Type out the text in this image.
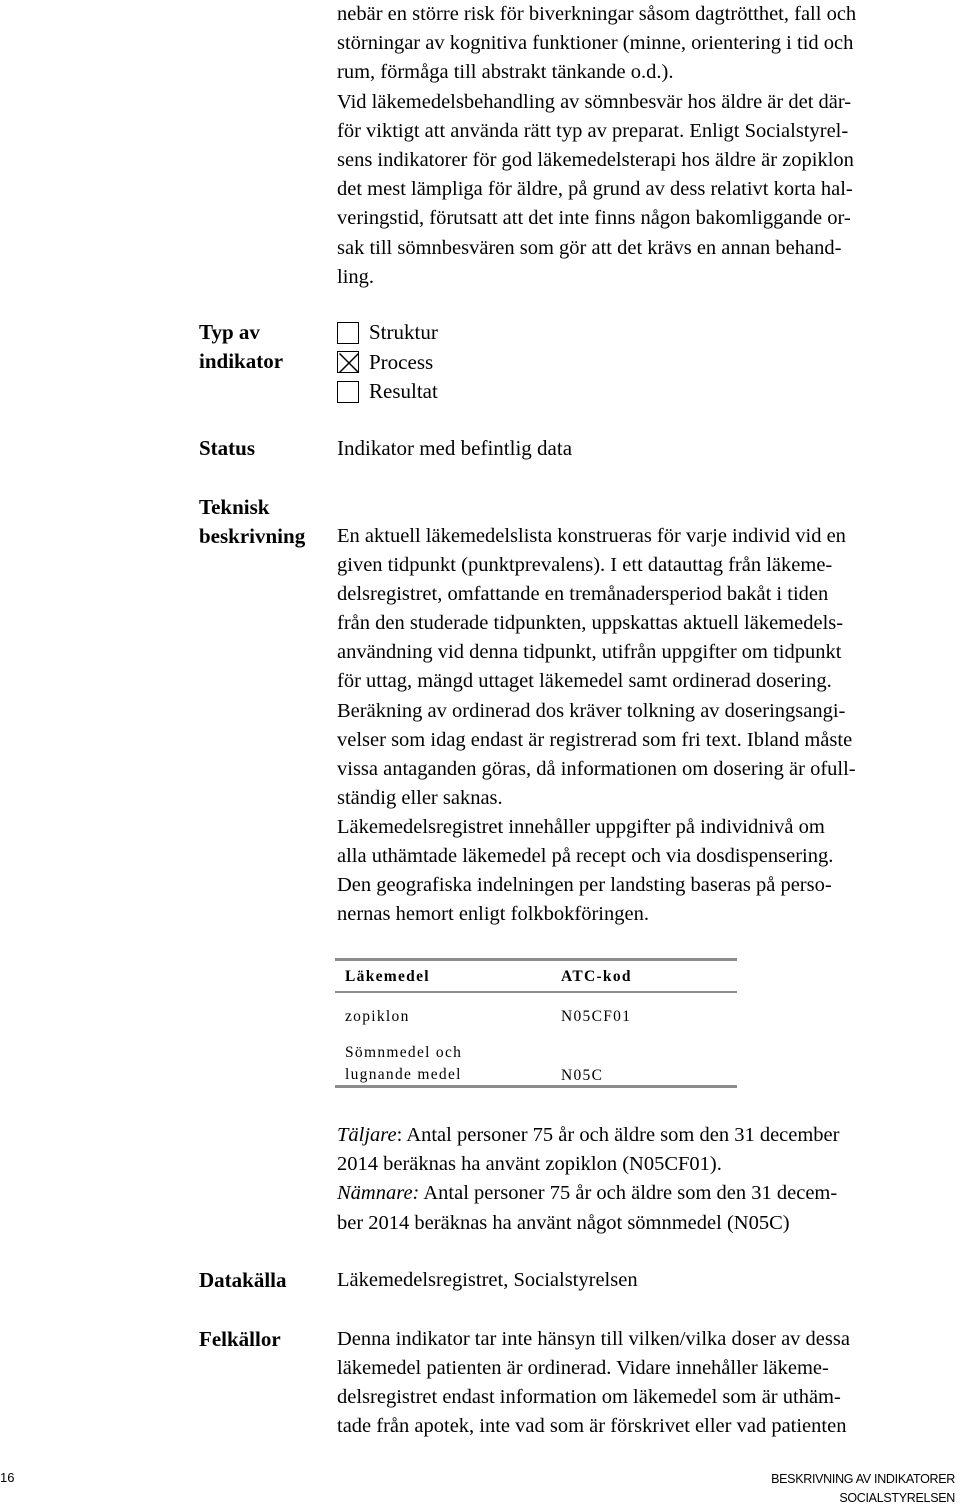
nebär en större risk för biverkningar såsom dagtrötthet, fall och
störningar av kognitiva funktioner (minne, orientering i tid och
rum, förmåga till abstrakt tänkande o.d.).
Vid läkemedelsbehandling av sömnbesvär hos äldre är det där-
för viktigt att använda rätt typ av preparat. Enligt Socialstyrel-
sens indikatorer för god läkemedelsterapi hos äldre är zopiklon
det mest lämpliga för äldre, på grund av dess relativt korta hal-
veringstid, förutsatt att det inte finns någon bakomliggande or-
sak till sömnbesvären som gör att det krävs en annan behand-
ling.
Typ av
indikator
Struktur
Process
Resultat
Status	Indikator med befintlig data
Teknisk
beskrivning En aktuell läkemedelslista konstrueras för varje individ vid en
given tidpunkt (punktprevalens). I ett datauttag från läkeme-
delsregistret, omfattande en tremånadersperiod bakåt i tiden
från den studerade tidpunkten, uppskattas aktuell läkemedels-
användning vid denna tidpunkt, utifrån uppgifter om tidpunkt
för uttag, mängd uttaget läkemedel samt ordinerad dosering.
Beräkning av ordinerad dos kräver tolkning av doseringsangi-
velser som idag endast är registrerad som fri text. Ibland måste
vissa antaganden göras, då informationen om dosering är ofull-
ständig eller saknas.
Läkemedelsregistret innehåller uppgifter på individnivå om
alla uthämtade läkemedel på recept och via dosdispensering.
Den geografiska indelningen per landsting baseras på perso-
nernas hemort enligt folkbokföringen.
Läkemedel	ATC-kod
zopiklon	N05CF01
Sömnmedel och
lugnande medel	N05C
Täljare: Antal personer 75 år och äldre som den 31 december
2014 beräknas ha använt zopiklon (N05CF01).
Nämnare: Antal personer 75 år och äldre som den 31 decem-
ber 2014 beräknas ha använt något sömnmedel (N05C)
Datakälla Läkemedelsregistret, Socialstyrelsen
Felkällor	Denna indikator tar inte hänsyn till vilken/vilka doser av dessa
läkemedel patienten är ordinerad. Vidare innehåller läkeme-
delsregistret endast information om läkemedel som är uthäm-
tade från apotek, inte vad som är förskrivet eller vad patienten
16	BESKRIVNING AV INDIKATORER
SOCIALSTYRELSEN
